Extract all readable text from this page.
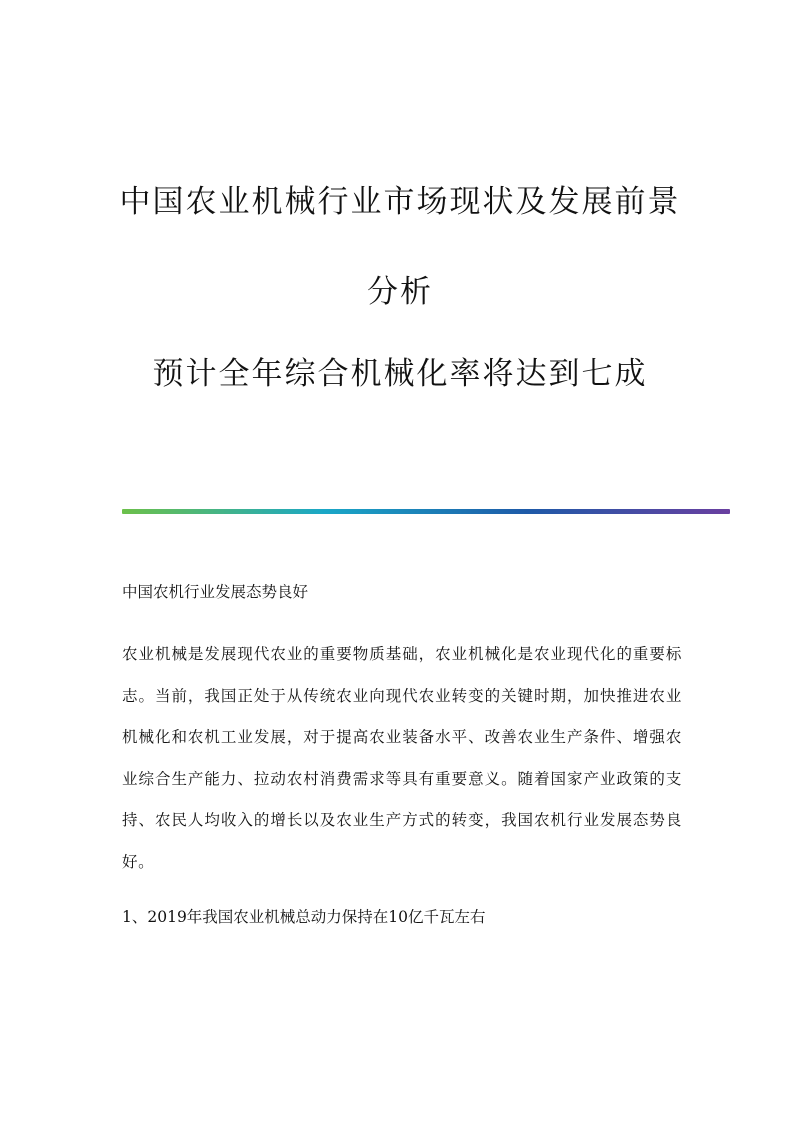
中国农业机械行业市场现状及发展前景
分析
预计全年综合机械化率将达到七成
中国农机行业发展态势良好

农业机械是发展现代农业的重要物质基础，农业机械化是农业现代化的重要标志。当前，我国正处于从传统农业向现代农业转变的关键时期，加快推进农业机械化和农机工业发展，对于提高农业装备水平、改善农业生产条件、增强农业综合生产能力、拉动农村消费需求等具有重要意义。随着国家产业政策的支持、农民人均收入的增长以及农业生产方式的转变，我国农机行业发展态势良好。

1、2019年我国农业机械总动力保持在10亿千瓦左右
